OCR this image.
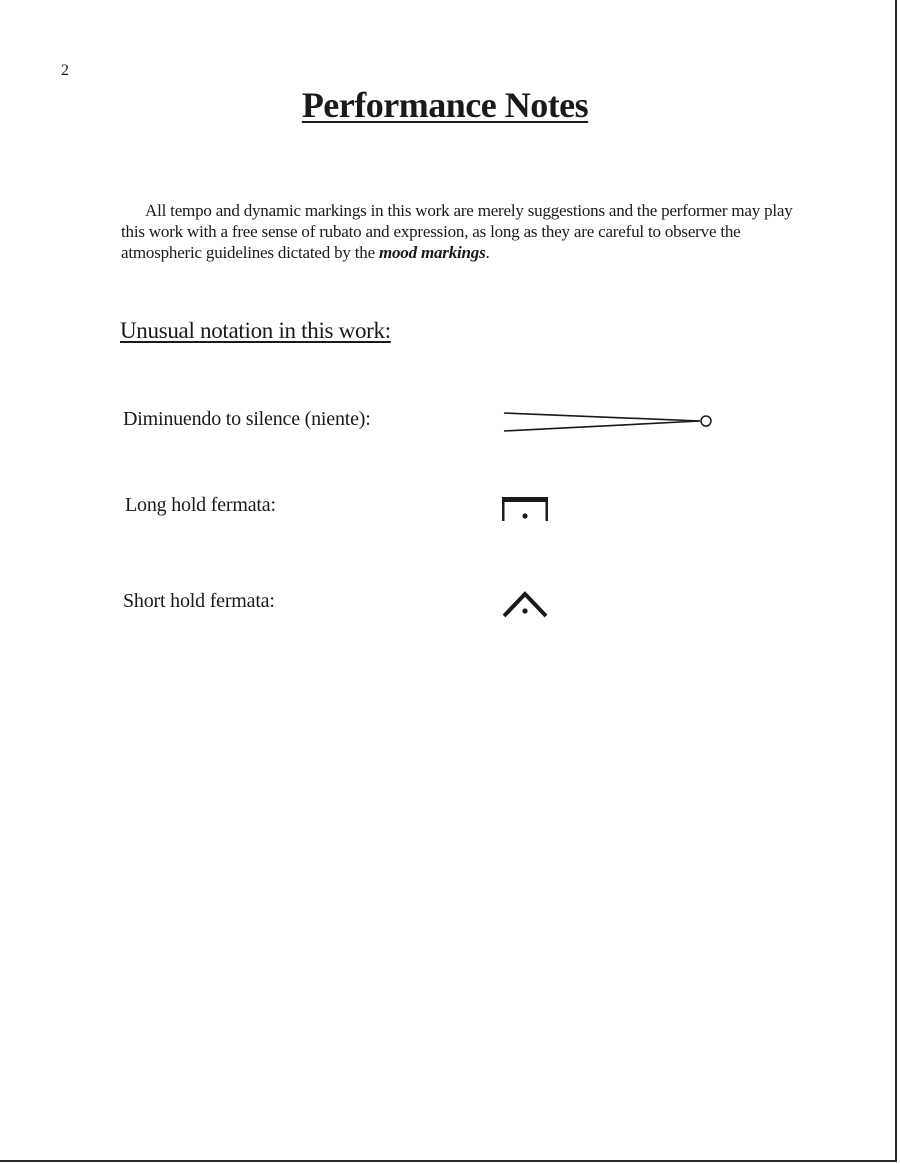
2
Performance Notes

All tempo and dynamic markings in this work are merely suggestions and the performer may play this work with a free sense of rubato and expression, as long as they are careful to observe the atmospheric guidelines dictated by the mood markings.

Unusual notation in this work:
Diminuendo to silence (niente):
Long hold fermata:
Short hold fermata:
